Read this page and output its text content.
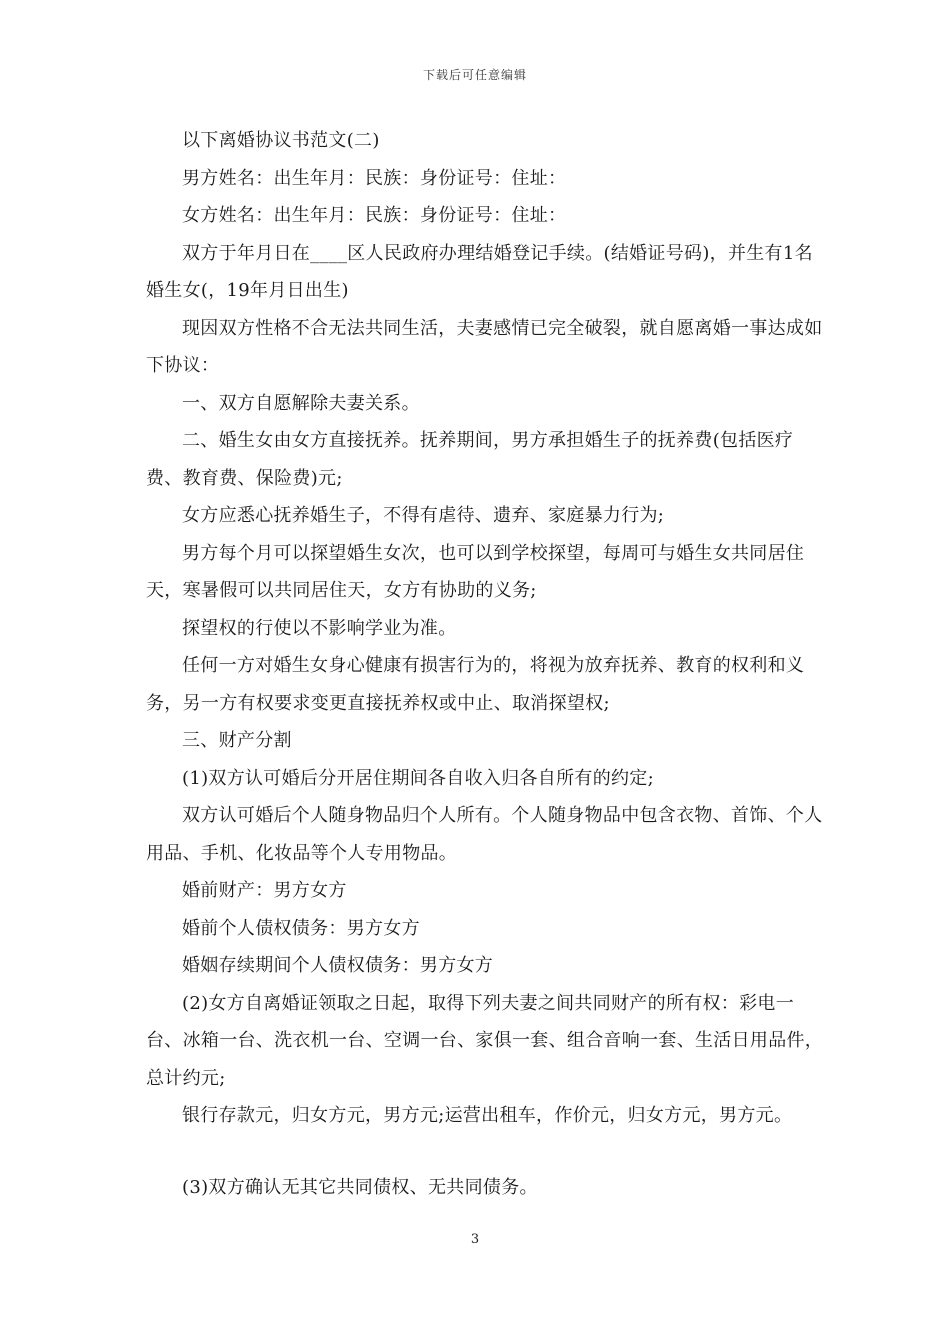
下载后可任意编辑

以下离婚协议书范文(二)

男方姓名：出生年月：民族：身份证号：住址：

女方姓名：出生年月：民族：身份证号：住址：

双方于年月日在____区人民政府办理结婚登记手续。(结婚证号码)，并生有1名婚生女(，19年月日出生)

现因双方性格不合无法共同生活，夫妻感情已完全破裂，就自愿离婚一事达成如下协议：

一、双方自愿解除夫妻关系。

二、婚生女由女方直接抚养。抚养期间，男方承担婚生子的抚养费(包括医疗费、教育费、保险费)元;

女方应悉心抚养婚生子，不得有虐待、遗弃、家庭暴力行为;

男方每个月可以探望婚生女次，也可以到学校探望，每周可与婚生女共同居住天，寒暑假可以共同居住天，女方有协助的义务;

探望权的行使以不影响学业为准。

任何一方对婚生女身心健康有损害行为的，将视为放弃抚养、教育的权利和义务，另一方有权要求变更直接抚养权或中止、取消探望权;

三、财产分割

(1)双方认可婚后分开居住期间各自收入归各自所有的约定;

双方认可婚后个人随身物品归个人所有。个人随身物品中包含衣物、首饰、个人用品、手机、化妆品等个人专用物品。

婚前财产：男方女方

婚前个人债权债务：男方女方

婚姻存续期间个人债权债务：男方女方

(2)女方自离婚证领取之日起，取得下列夫妻之间共同财产的所有权：彩电一台、冰箱一台、洗衣机一台、空调一台、家俱一套、组合音响一套、生活日用品件，总计约元;

银行存款元，归女方元，男方元;运营出租车，作价元，归女方元，男方元。

(3)双方确认无其它共同债权、无共同债务。

3
